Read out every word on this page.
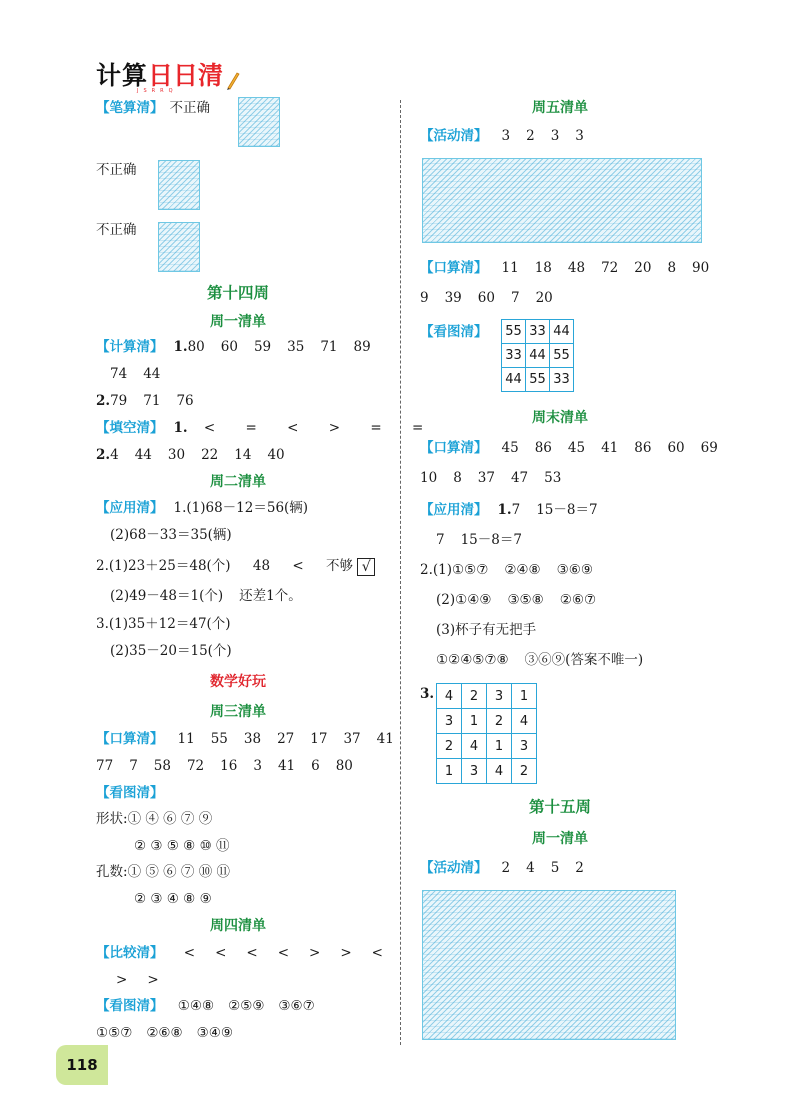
计算 日日清
JSRRQ
【笔算清】 不正确
不正确
不正确
第十四周
周一清单
【计算清】 1.80 60 59 35 71 89
74 44
2.79 71 76
【填空清】 1. < = < > = =
2.4 44 30 22 14 40
周二清单
【应用清】 1.(1)68－12＝56(辆)
(2)68－33＝35(辆)
2.(1)23＋25＝48(个) 48 < 不够 √
(2)49－48＝1(个) 还差1个。
3.(1)35＋12＝47(个)
(2)35－20＝15(个)
数学好玩
周三清单
【口算清】 11 55 38 27 17 37 41
77 7 58 72 16 3 41 6 80
【看图清】
形状:① ④ ⑥ ⑦ ⑨
② ③ ⑤ ⑧ ⑩ ⑪
孔数:① ⑤ ⑥ ⑦ ⑩ ⑪
② ③ ④ ⑧ ⑨
周四清单
【比较清】 < < < < > > <
> >
【看图清】 ①④⑧ ②⑤⑨ ③⑥⑦
①⑤⑦ ②⑥⑧ ③④⑨
周五清单
【活动清】 3 2 3 3
【口算清】 11 18 48 72 20 8 90
9 39 60 7 20
【看图清】	55	33	44
33	44	55
44	55	33
周末清单
【口算清】 45 86 45 41 86 60 69
10 8 37 47 53
【应用清】 1.7 15－8＝7
7 15－8＝7
2.(1)①⑤⑦ ②④⑧ ③⑥⑨
(2)①④⑨ ③⑤⑧ ②⑥⑦
(3)杯子有无把手
①②④⑤⑦⑧ ③⑥⑨(答案不唯一)
3. 4	2	3	1
3	1	2	4
2	4	1	3
1	3	4	2
第十五周
周一清单
【活动清】 2 4 5 2
118
